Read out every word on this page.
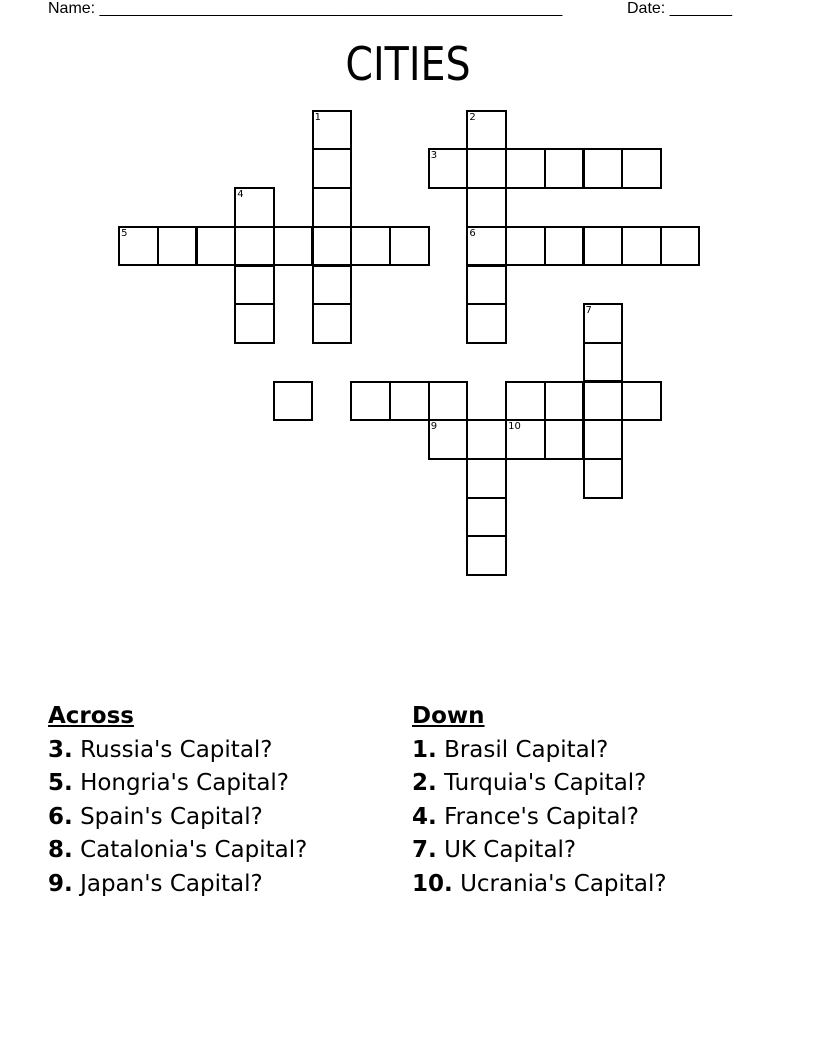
Name: ____________________________________________________	Date: _______
CITIES
1	2
6
3
4
5
7
9	10
Across
3. Russia's Capital?
5. Hongria's Capital?
6. Spain's Capital?
8. Catalonia's Capital?
9. Japan's Capital?
Down
1. Brasil Capital?
2. Turquia's Capital?
4. France's Capital?
7. UK Capital?
10. Ucrania's Capital?
